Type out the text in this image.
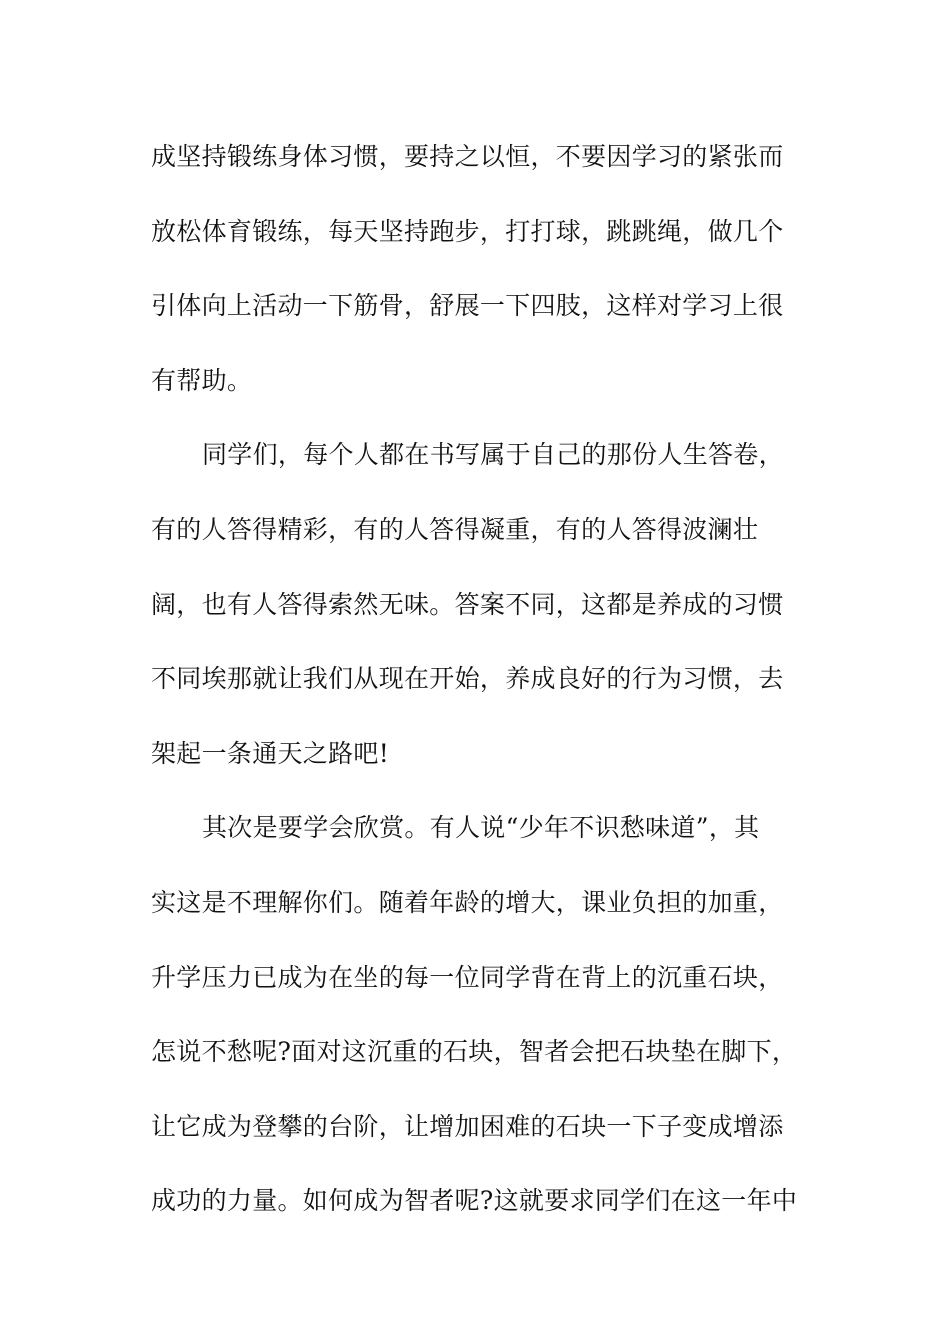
成坚持锻练身体习惯，要持之以恒，不要因学习的紧张而
放松体育锻练，每天坚持跑步，打打球，跳跳绳，做几个
引体向上活动一下筋骨，舒展一下四肢，这样对学习上很
有帮助。
同学们，每个人都在书写属于自己的那份人生答卷，
有的人答得精彩，有的人答得凝重，有的人答得波澜壮
阔，也有人答得索然无味。答案不同，这都是养成的习惯
不同埃那就让我们从现在开始，养成良好的行为习惯，去
架起一条通天之路吧!
其次是要学会欣赏。有人说“少年不识愁味道”，其
实这是不理解你们。随着年龄的增大，课业负担的加重，
升学压力已成为在坐的每一位同学背在背上的沉重石块，
怎说不愁呢?面对这沉重的石块，智者会把石块垫在脚下，
让它成为登攀的台阶，让增加困难的石块一下子变成增添
成功的力量。如何成为智者呢?这就要求同学们在这一年中
